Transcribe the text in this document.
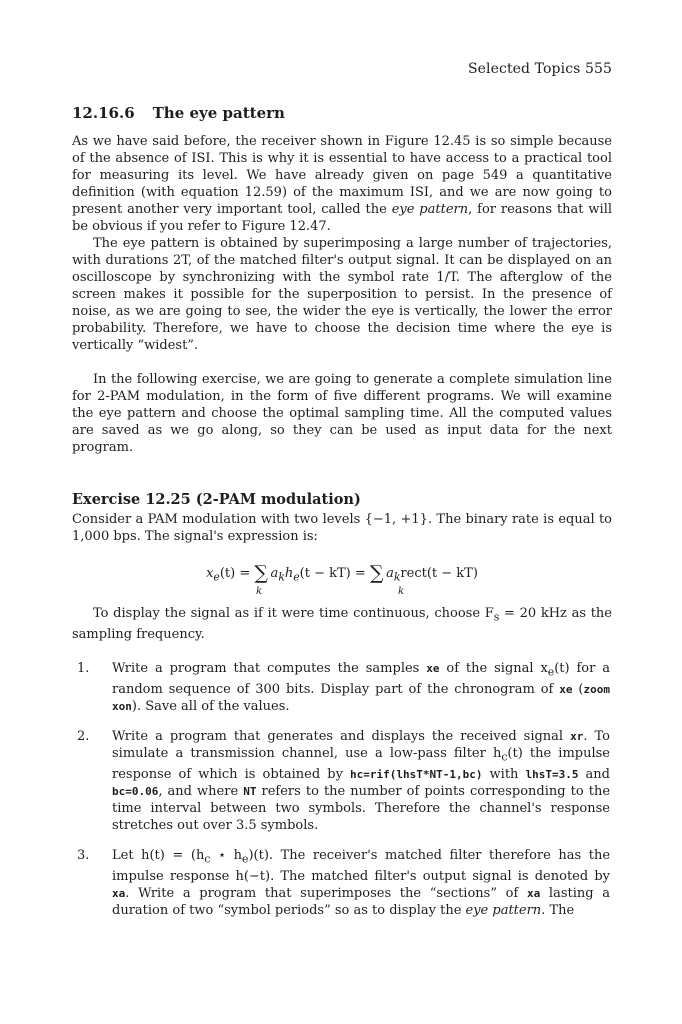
Selected Topics 555
12.16.6 The eye pattern

As we have said before, the receiver shown in Figure 12.45 is so simple because of the absence of ISI. This is why it is essential to have access to a practical tool for measuring its level. We have already given on page 549 a quantitative definition (with equation 12.59) of the maximum ISI, and we are now going to present another very important tool, called the eye pattern, for reasons that will be obvious if you refer to Figure 12.47.

The eye pattern is obtained by superimposing a large number of trajectories, with durations 2T, of the matched filter's output signal. It can be displayed on an oscilloscope by synchronizing with the symbol rate 1/T. The afterglow of the screen makes it possible for the superposition to persist. In the presence of noise, as we are going to see, the wider the eye is vertically, the lower the error probability. Therefore, we have to choose the decision time where the eye is vertically “widest”.

In the following exercise, we are going to generate a complete simulation line for 2-PAM modulation, in the form of five different programs. We will examine the eye pattern and choose the optimal sampling time. All the computed values are saved as we go along, so they can be used as input data for the next program.

Exercise 12.25 (2-PAM modulation)

Consider a PAM modulation with two levels {−1, +1}. The binary rate is equal to 1,000 bps. The signal's expression is:

$x_e(t)$ = ∑  $a_kh_e(t - kT)$ = ∑  $a_krect(t - kT)$
k	k

To display the signal as if it were time continuous, choose $F_s = 20$ kHz as the sampling frequency.

1. Write a program that computes the samples xe of the signal $x_e(t)$ for a random sequence of 300 bits. Display part of the chronogram of xe (zoom xon). Save all of the values.
2. Write a program that generates and displays the received signal xr. To simulate a transmission channel, use a low-pass filter $h_c(t)$ the impulse response of which is obtained by hc=rif(lhsT*NT-1,bc) with lhsT=3.5 and bc=0.06, and where NT refers to the number of points corresponding to the time interval between two symbols. Therefore the channel's response stretches out over 3.5 symbols.
3. Let $h(t) = (h_c$ ⋆ $h_e)(t)$. The receiver's matched filter therefore has the impulse response h(−t). The matched filter's output signal is denoted by xa. Write a program that superimposes the “sections” of xa lasting a duration of two “symbol periods” so as to display the eye pattern. The
